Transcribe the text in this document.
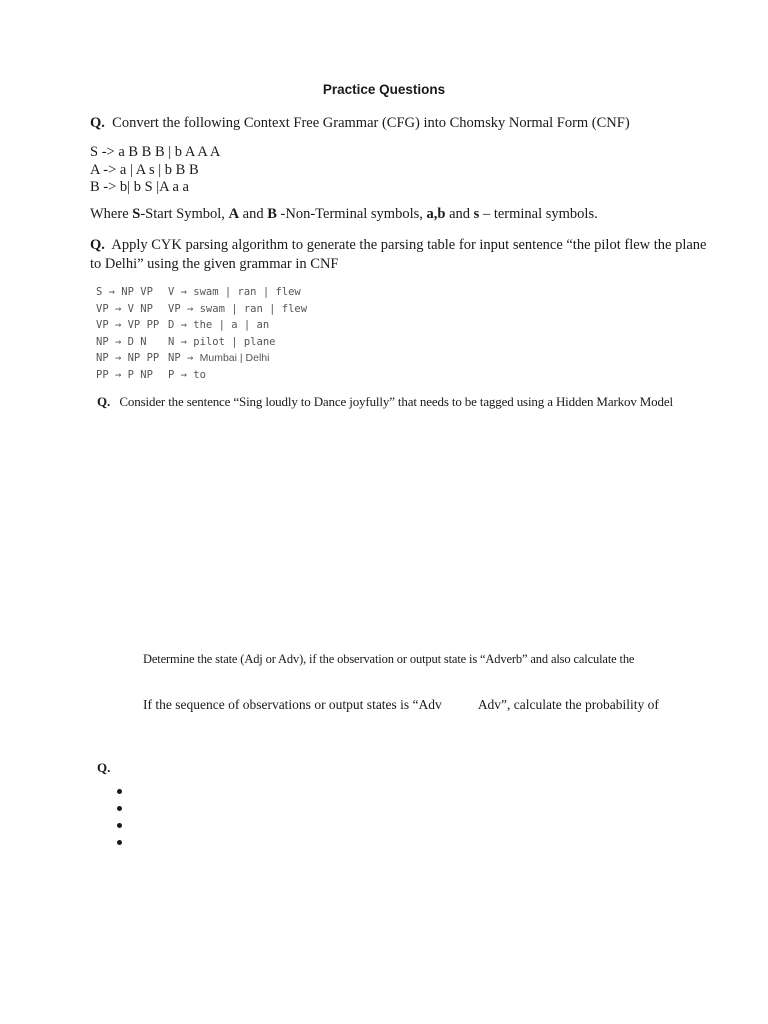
Practice Questions
Q. Convert the following Context Free Grammar (CFG) into Chomsky Normal Form (CNF)
S -> a B B B | b A A A
A -> a | A s | b B B
B -> b| b S |A a a
Where S-Start Symbol, A and B -Non-Terminal symbols, a,b and s – terminal symbols.
Q. Apply CYK parsing algorithm to generate the parsing table for input sentence “the pilot flew the plane
to Delhi” using the given grammar in CNF
S → NP VP V → swam | ran | flew
VP → V NP VP → swam | ran | flew
VP → VP PP D → the | a | an
NP → D N N → pilot | plane
NP → NP PP NP → Mumbai | Delhi
PP → P NP P → to
Q. Consider the sentence “Sing loudly to Dance joyfully” that needs to be tagged using a Hidden Markov Model
Determine the state (Adj or Adv), if the observation or output state is “Adverb” and also calculate the
If the sequence of observations or output states is “Adv	Adv”, calculate the probability of
Q.
